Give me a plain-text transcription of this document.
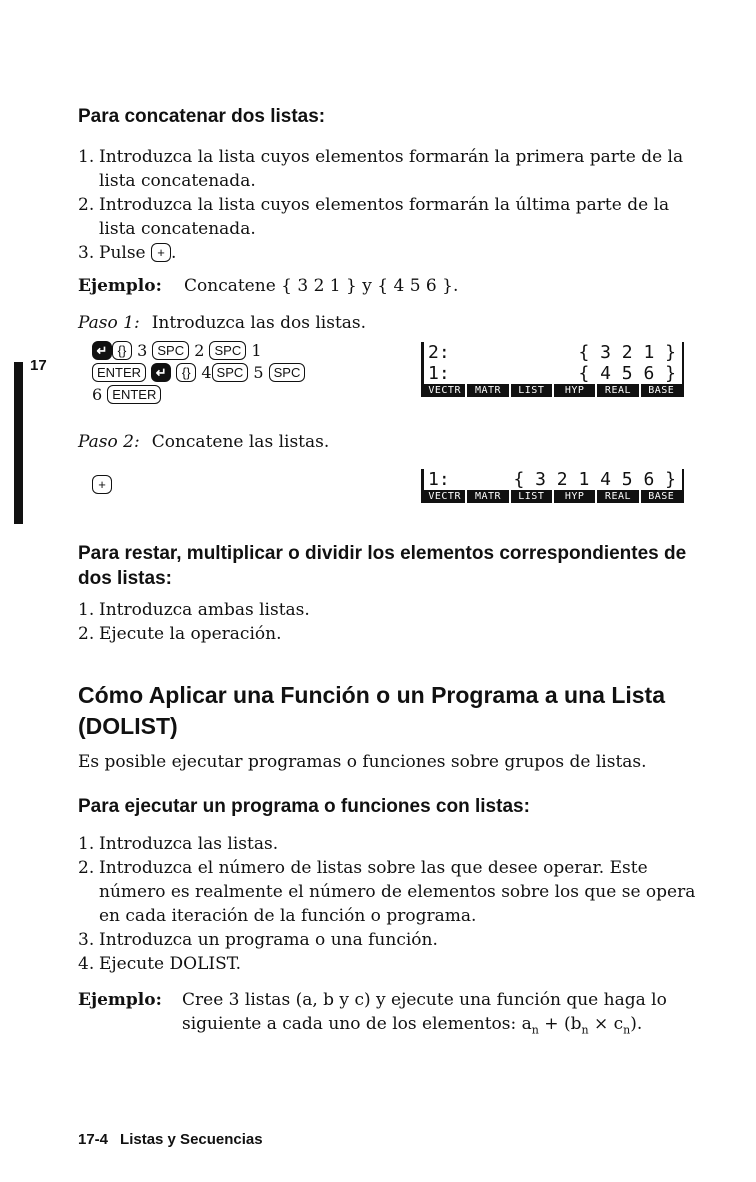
17
Para concatenar dos listas:
1. Introduzca la lista cuyos elementos formarán la primera parte de la lista concatenada.
2. Introduzca la lista cuyos elementos formarán la última parte de la lista concatenada.
3. Pulse + .
Ejemplo: Concatene { 3 2 1 } y { 4 5 6 }.
Paso 1: Introduzca las dos listas.
↵ {} 3 SPC 2 SPC 1
ENTER ↵ {} 4 SPC 5 SPC
6 ENTER
2:	{ 3 2 1 }
1:	{ 4 5 6 }
VECTR	MATR	LIST	HYP	REAL	BASE
Paso 2: Concatene las listas.
+	1:	{ 3 2 1 4 5 6 }
VECTR	MATR	LIST	HYP	REAL	BASE
Para restar, multiplicar o dividir los elementos correspondientes de dos listas:
1. Introduzca ambas listas.
2. Ejecute la operación.
Cómo Aplicar una Función o un Programa a una Lista (DOLIST)
Es posible ejecutar programas o funciones sobre grupos de listas.
Para ejecutar un programa o funciones con listas:
1. Introduzca las listas.
2. Introduzca el número de listas sobre las que desee operar. Este número es realmente el número de elementos sobre los que se opera en cada iteración de la función o programa.
3. Introduzca un programa o una función.
4. Ejecute DOLIST.
Ejemplo:	Cree 3 listas (a, b y c) y ejecute una función que haga lo siguiente a cada uno de los elementos: $a_n + (b_n \times c_n)$.
17-4 Listas y Secuencias
